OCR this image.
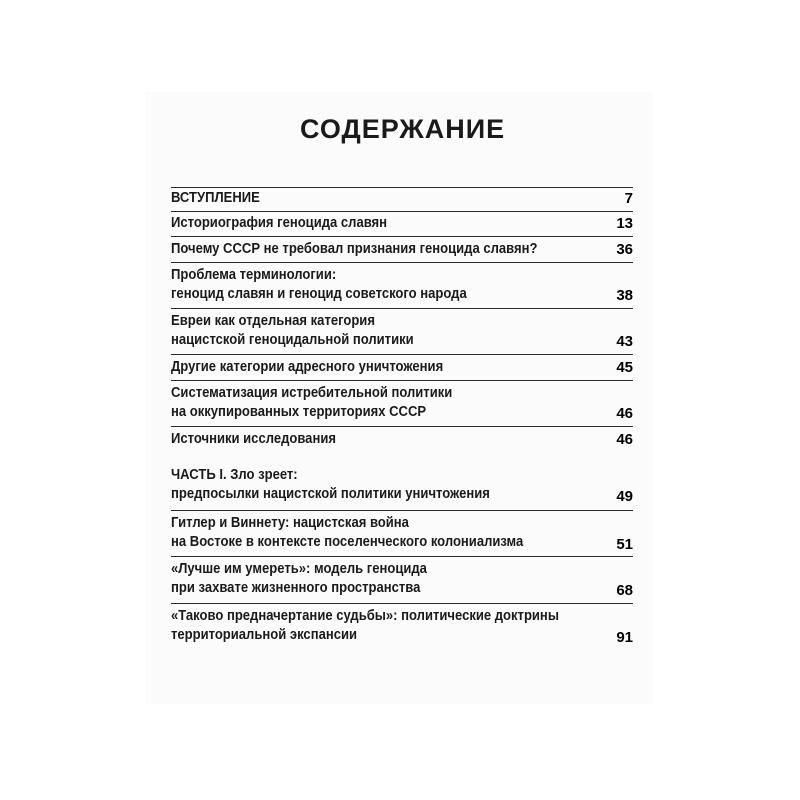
СОДЕРЖАНИЕ
ВСТУПЛЕНИЕ	7
Историография геноцида славян	13
Почему СССР не требовал признания геноцида славян?	36
Проблема терминологии:
геноцид славян и геноцид советского народа	38
Евреи как отдельная категория
нацистской геноцидальной политики	43
Другие категории адресного уничтожения	45
Систематизация истребительной политики
на оккупированных территориях СССР	46
Источники исследования	46
ЧАСТЬ I. Зло зреет:
предпосылки нацистской политики уничтожения	49
Гитлер и Виннету: нацистская война
на Востоке в контексте поселенческого колониализма	51
«Лучше им умереть»: модель геноцида
при захвате жизненного пространства	68
«Таково предначертание судьбы»: политические доктрины
территориальной экспансии	91
